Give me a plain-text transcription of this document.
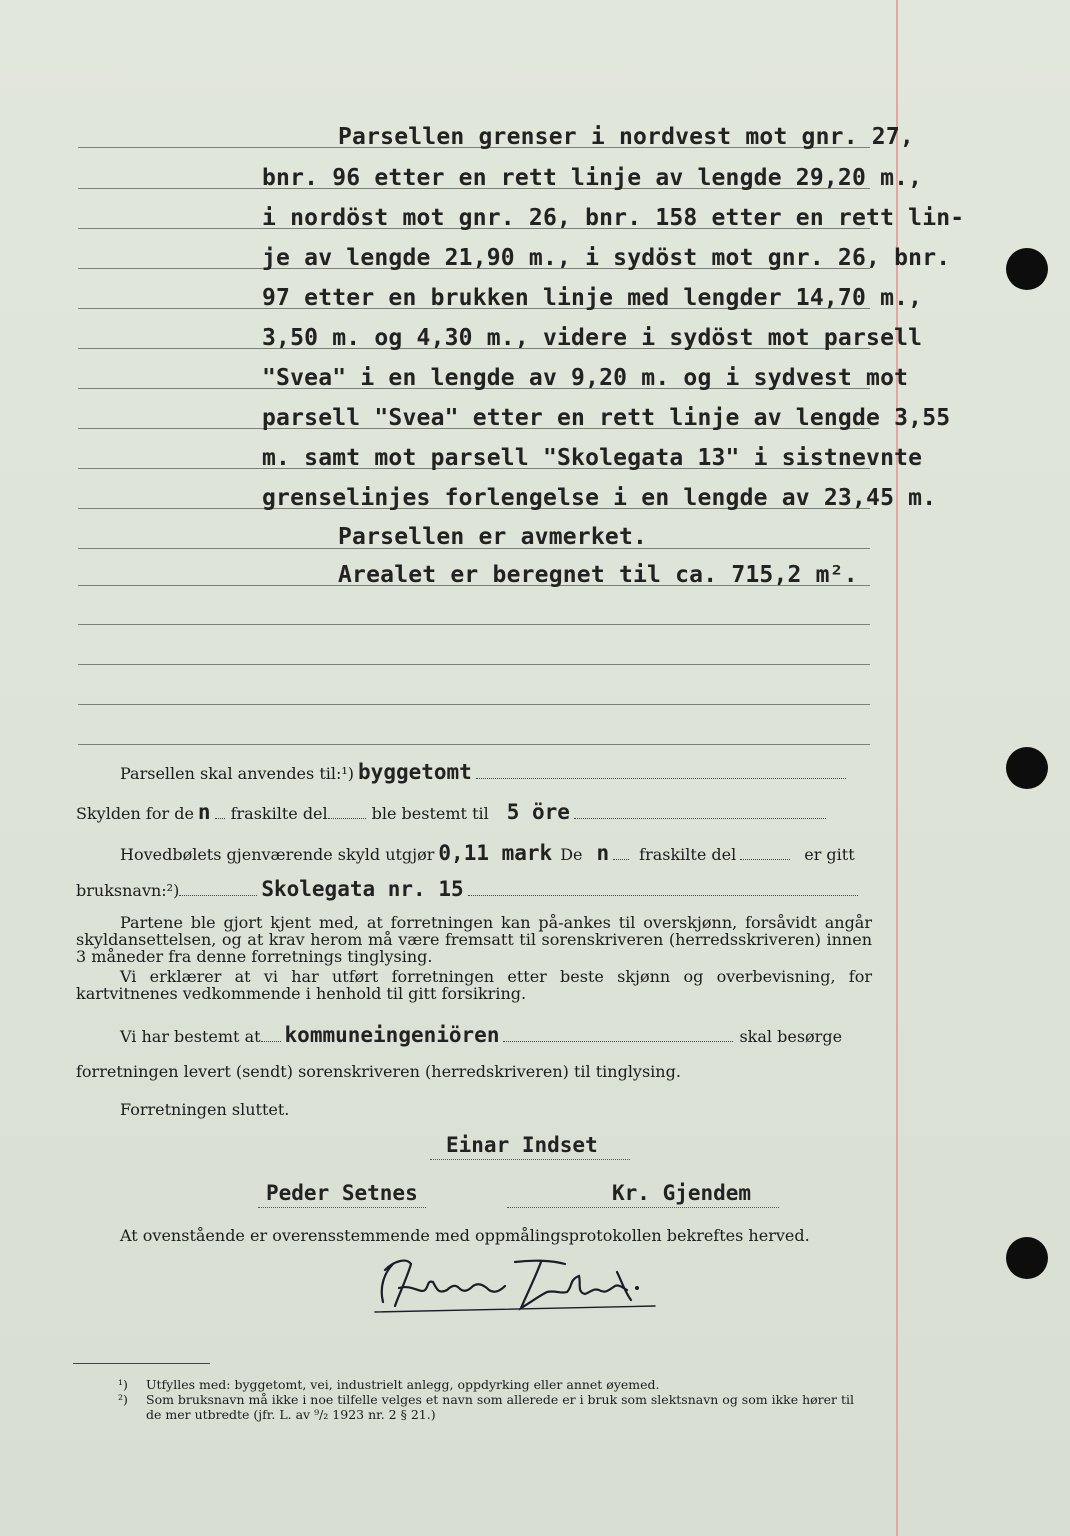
Parsellen grenser i nordvest mot gnr. 27,
bnr. 96 etter en rett linje av lengde 29,20 m.,
i nordöst mot gnr. 26, bnr. 158 etter en rett lin-
je av lengde 21,90 m., i sydöst mot gnr. 26, bnr.
97 etter en brukken linje med lengder 14,70 m.,
3,50 m. og 4,30 m., videre i sydöst mot parsell
"Svea" i en lengde av 9,20 m. og i sydvest mot
parsell "Svea" etter en rett linje av lengde 3,55
m. samt mot parsell "Skolegata 13" i sistnevnte
grenselinjes forlengelse i en lengde av 23,45 m.
Parsellen er avmerket.
Arealet er beregnet til ca. 715,2 m².
Parsellen skal anvendes til:¹) byggetomt
Skylden for de n fraskilte del	ble bestemt til 5 öre
Hovedbølets gjenværende skyld utgjør 0,11 mark De n fraskilte del	er gitt
bruksnavn:²)	Skolegata nr. 15
Partene ble gjort kjent med, at forretningen kan på-ankes til overskjønn, forsåvidt angår skyldansettelsen, og at krav herom må være fremsatt til sorenskriveren (herredsskriveren) innen 3 måneder fra denne forretnings tinglysing.
Vi erklærer at vi har utført forretningen etter beste skjønn og overbevisning, for kartvitnenes vedkommende i henhold til gitt forsikring.
Vi har bestemt at kommuneingeniören	skal besørge
forretningen levert (sendt) sorenskriveren (herredskriveren) til tinglysing.
Forretningen sluttet.
At ovenstående er overensstemmende med oppmålingsprotokollen bekreftes herved.
Einar Indset
Peder Setnes	Kr. Gjendem
¹)	Utfylles med: byggetomt, vei, industrielt anlegg, oppdyrking eller annet øyemed.
²)	Som bruksnavn må ikke i noe tilfelle velges et navn som allerede er i bruk som slektsnavn og som ikke hører til de mer utbredte (jfr. L. av ⁹/₂ 1923 nr. 2 § 21.)
